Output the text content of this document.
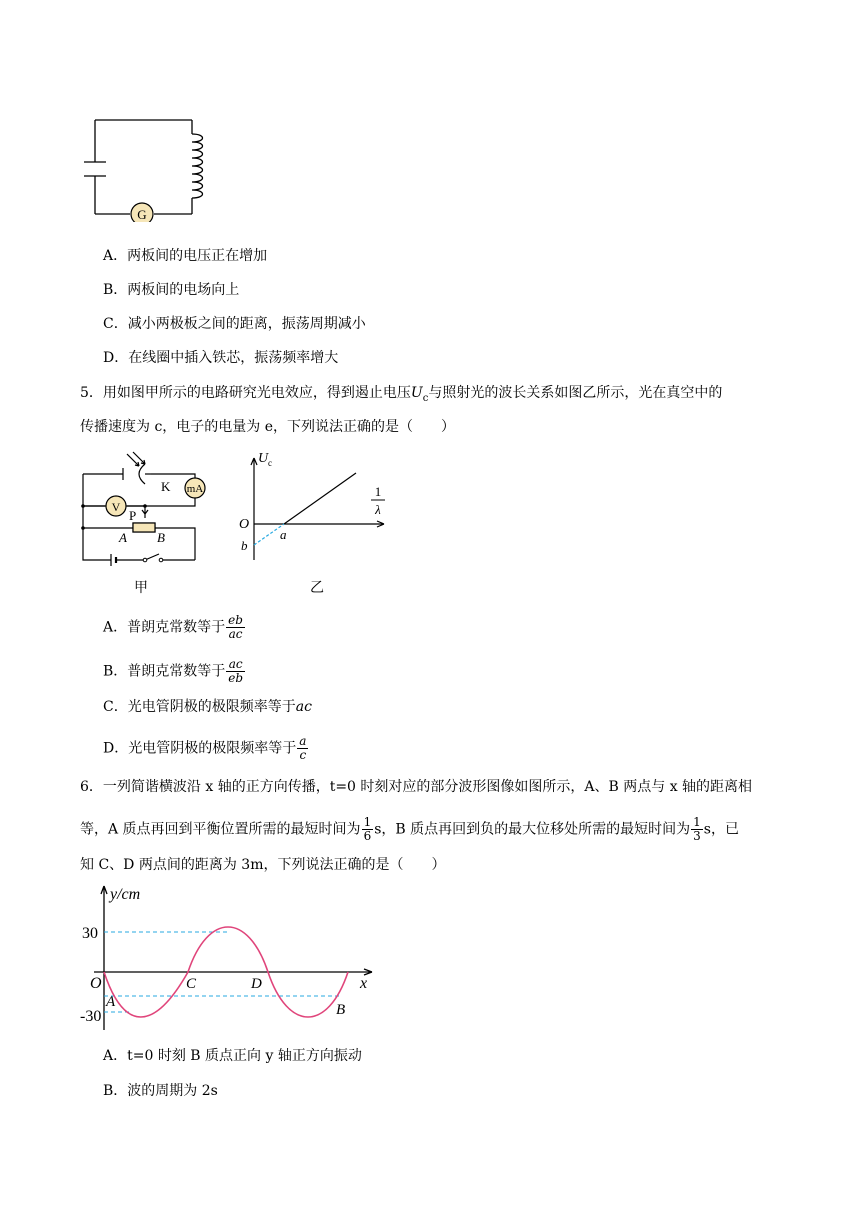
G
A．两板间的电压正在增加
B．两板间的电场向上
C．减小两极板之间的距离，振荡周期减小
D．在线圈中插入铁芯，振荡频率增大
5．用如图甲所示的电路研究光电效应，得到遏止电压$U_c$与照射光的波长关系如图乙所示，光在真空中的
传播速度为 c，电子的电量为 e，下列说法正确的是（　　）
mA
V
K
P
A B
甲
U c
O
b
a
1
λ
乙
A．普朗克常数等于 $\frac{eb}{ac}$
B．普朗克常数等于 $\frac{ac}{eb}$
C．光电管阴极的极限频率等于ac
D．光电管阴极的极限频率等于 $\frac{a}{c}$
6．一列简谐横波沿 x 轴的正方向传播，t=0 时刻对应的部分波形图像如图所示，A、B 两点与 x 轴的距离相
等，A 质点再回到平衡位置所需的最短时间为 $\frac{1}{6}$ s，B 质点再回到负的最大位移处所需的最短时间为 $\frac{1}{3}$ s，已
知 C、D 两点间的距离为 3m，下列说法正确的是（　　）
y/cm
30
-30
O
A
C	D
B
x
A．t=0 时刻 B 质点正向 y 轴正方向振动
B．波的周期为 2s
